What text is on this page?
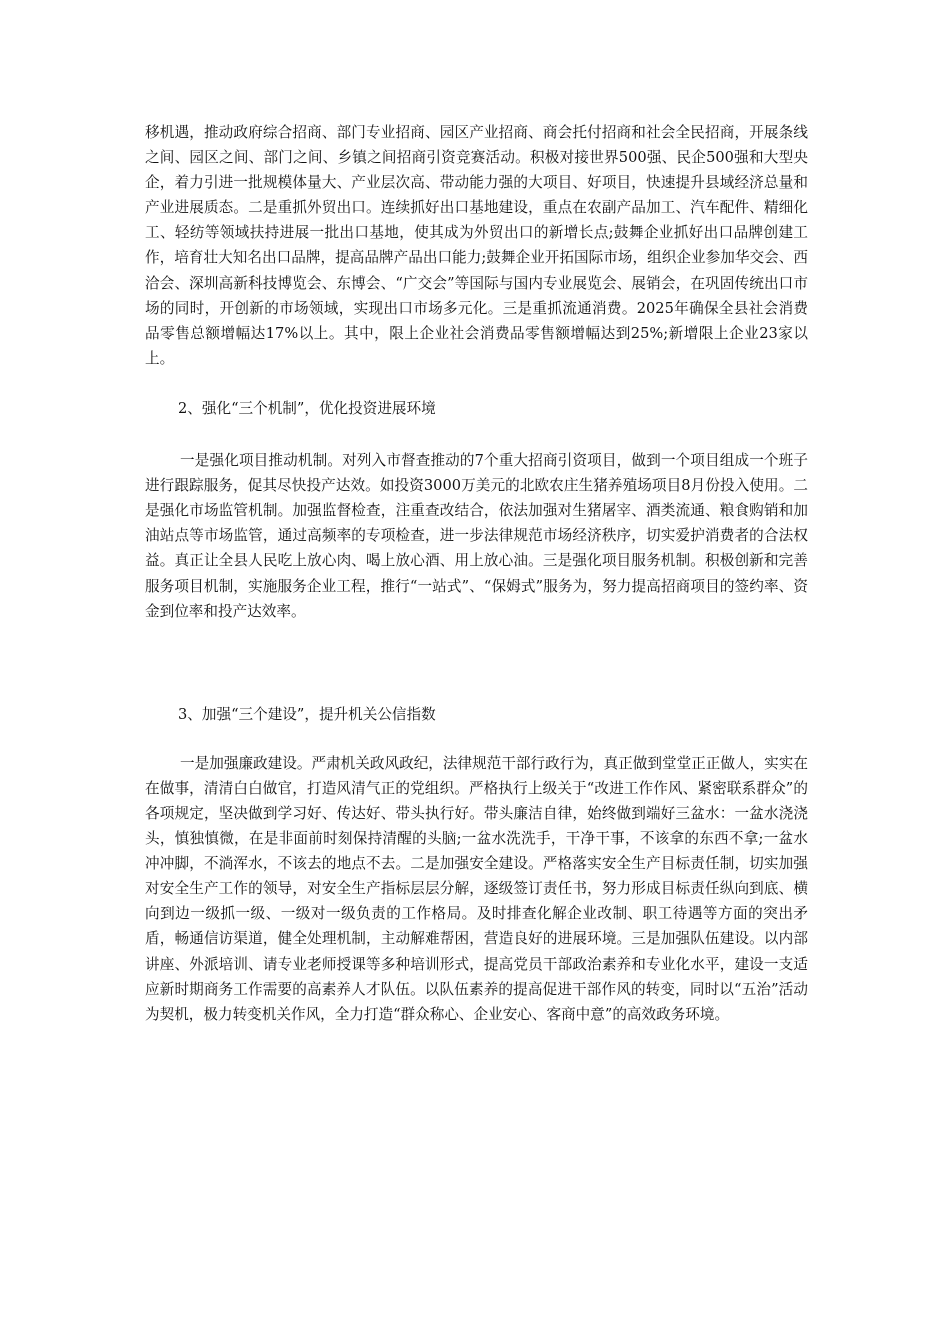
移机遇，推动政府综合招商、部门专业招商、园区产业招商、商会托付招商和社会全民招商，开展条线之间、园区之间、部门之间、乡镇之间招商引资竞赛活动。积极对接世界500强、民企500强和大型央企，着力引进一批规模体量大、产业层次高、带动能力强的大项目、好项目，快速提升县域经济总量和产业进展质态。二是重抓外贸出口。连续抓好出口基地建设，重点在农副产品加工、汽车配件、精细化工、轻纺等领域扶持进展一批出口基地，使其成为外贸出口的新增长点;鼓舞企业抓好出口品牌创建工作，培育壮大知名出口品牌，提高品牌产品出口能力;鼓舞企业开拓国际市场，组织企业参加华交会、西洽会、深圳高新科技博览会、东博会、“广交会”等国际与国内专业展览会、展销会，在巩固传统出口市场的同时，开创新的市场领域，实现出口市场多元化。三是重抓流通消费。2025年确保全县社会消费品零售总额增幅达17%以上。其中，限上企业社会消费品零售额增幅达到25%;新增限上企业23家以上。

2、强化“三个机制”，优化投资进展环境

一是强化项目推动机制。对列入市督查推动的7个重大招商引资项目，做到一个项目组成一个班子进行跟踪服务，促其尽快投产达效。如投资3000万美元的北欧农庄生猪养殖场项目8月份投入使用。二是强化市场监管机制。加强监督检查，注重查改结合，依法加强对生猪屠宰、酒类流通、粮食购销和加油站点等市场监管，通过高频率的专项检查，进一步法律规范市场经济秩序，切实爱护消费者的合法权益。真正让全县人民吃上放心肉、喝上放心酒、用上放心油。三是强化项目服务机制。积极创新和完善服务项目机制，实施服务企业工程，推行“一站式”、“保姆式”服务为，努力提高招商项目的签约率、资金到位率和投产达效率。

3、加强“三个建设”，提升机关公信指数

一是加强廉政建设。严肃机关政风政纪，法律规范干部行政行为，真正做到堂堂正正做人，实实在在做事，清清白白做官，打造风清气正的党组织。严格执行上级关于“改进工作作风、紧密联系群众”的各项规定，坚决做到学习好、传达好、带头执行好。带头廉洁自律，始终做到端好三盆水：一盆水浇浇头，慎独慎微，在是非面前时刻保持清醒的头脑;一盆水洗洗手，干净干事，不该拿的东西不拿;一盆水冲冲脚，不淌浑水，不该去的地点不去。二是加强安全建设。严格落实安全生产目标责任制，切实加强对安全生产工作的领导，对安全生产指标层层分解，逐级签订责任书，努力形成目标责任纵向到底、横向到边一级抓一级、一级对一级负责的工作格局。及时排查化解企业改制、职工待遇等方面的突出矛盾，畅通信访渠道，健全处理机制，主动解难帮困，营造良好的进展环境。三是加强队伍建设。以内部讲座、外派培训、请专业老师授课等多种培训形式，提高党员干部政治素养和专业化水平，建设一支适应新时期商务工作需要的高素养人才队伍。以队伍素养的提高促进干部作风的转变，同时以“五治”活动为契机，极力转变机关作风，全力打造“群众称心、企业安心、客商中意”的高效政务环境。
